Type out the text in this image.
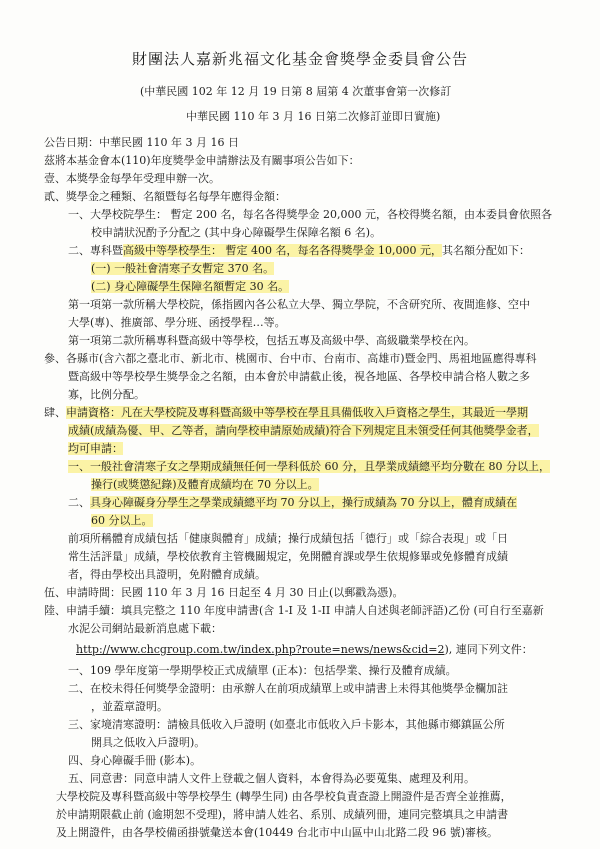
財團法人嘉新兆福文化基金會獎學金委員會公告
(中華民國 102 年 12 月 19 日第 8 屆第 4 次董事會第一次修訂
中華民國 110 年 3 月 16 日第二次修訂並即日實施)
公告日期：中華民國 110 年 3 月 16 日
茲將本基金會本(110)年度獎學金申請辦法及有關事項公告如下：
壹、本獎學金每學年受理申辦一次。
貳、獎學金之種類、名額暨每名每學年應得金額：
一、大學校院學生： 暫定 200 名，每名各得獎學金 20,000 元，各校得獎名額，由本委員會依照各
校申請狀況酌予分配之 (其中身心障礙學生保障名額 6 名)。
二、專科暨高級中等學校學生： 暫定 400 名，每名各得獎學金 10,000 元，其名額分配如下：
(一) 一般社會清寒子女暫定 370 名。
(二) 身心障礙學生保障名額暫定 30 名。
第一項第一款所稱大學校院，係指國內各公私立大學、獨立學院，不含研究所、夜間進修、空中
大學(專)、推廣部、學分班、函授學程…等。
第一項第二款所稱專科暨高級中等學校，包括五專及高級中學、高級職業學校在內。
參、各縣市(含六都之臺北市、新北市、桃園市、台中市、台南市、高雄市)暨金門、馬祖地區應得專科
暨高級中等學校學生獎學金之名額，由本會於申請截止後，視各地區、各學校申請合格人數之多
寡，比例分配。
肆、申請資格：凡在大學校院及專科暨高級中等學校在學且具備低收入戶資格之學生，其最近一學期
成績(成績為優、甲、乙等者，請向學校申請原始成績)符合下列規定且未領受任何其他獎學金者，
均可申請：
一、一般社會清寒子女之學期成績無任何一學科低於 60 分，且學業成績總平均分數在 80 分以上，
操行(或獎懲紀錄)及體育成績均在 70 分以上。
二、具身心障礙身分學生之學業成績總平均 70 分以上，操行成績為 70 分以上，體育成績在
60 分以上。
前項所稱體育成績包括「健康與體育」成績；操行成績包括「德行」或「綜合表現」或「日
常生活評量」成績，學校依教育主管機關規定，免開體育課或學生依規修畢或免修體育成績
者，得由學校出具證明，免附體育成績。
伍、申請時間：民國 110 年 3 月 16 日起至 4 月 30 日止(以郵戳為憑)。
陸、申請手續：填具完整之 110 年度申請書(含 1-I 及 1-II 申請人自述與老師評語)乙份 (可自行至嘉新
水泥公司網站最新消息處下載：
http://www.chcgroup.com.tw/index.php?route=news/news&cid=2), 連同下列文件：
一、109 學年度第一學期學校正式成績單 (正本)：包括學業、操行及體育成績。
二、在校未得任何獎學金證明：由承辦人在前項成績單上或申請書上未得其他獎學金欄加註
，並蓋章證明。
三、家境清寒證明：請檢具低收入戶證明 (如臺北市低收入戶卡影本，其他縣市鄉鎮區公所
開具之低收入戶證明)。
四、身心障礙手冊 (影本)。
五、同意書：同意申請人文件上登載之個人資料，本會得為必要蒐集、處理及利用。
大學校院及專科暨高級中等學校學生 (轉學生同) 由各學校負責查證上開證件是否齊全並推薦，
於申請期限截止前 (逾期恕不受理)，將申請人姓名、系別、成績列冊，連同完整填具之申請書
及上開證件，由各學校備函掛號彙送本會(10449 台北市中山區中山北路二段 96 號)審核。
